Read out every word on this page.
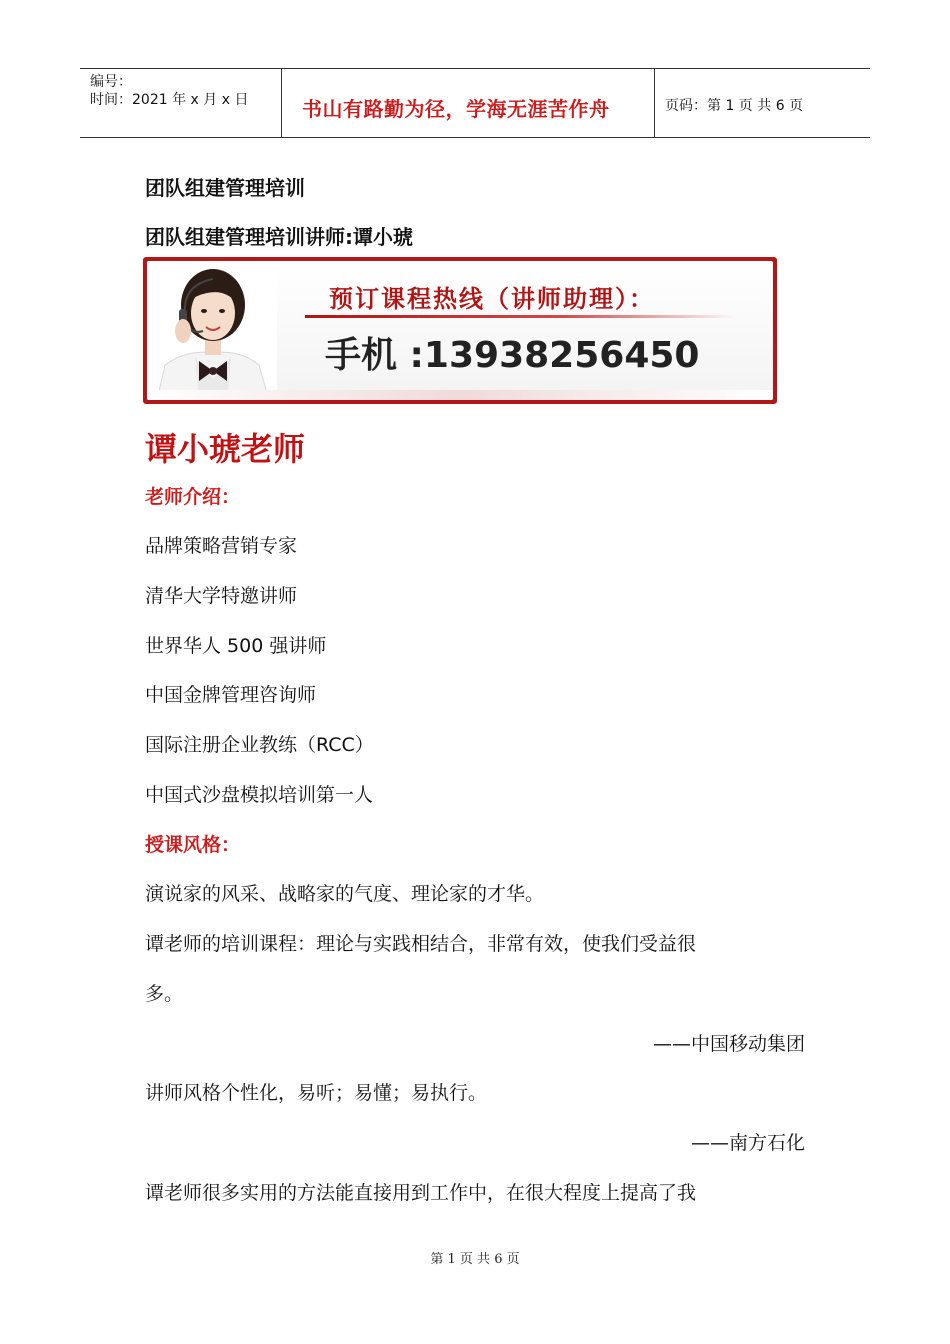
编号：
时间：2021 年 x 月 x 日	书山有路勤为径，学海无涯苦作舟	页码：第 1 页 共 6 页
团队组建管理培训
团队组建管理培训讲师:谭小琥
预订课程热线（讲师助理）：
手机 :13938256450
谭小琥老师
老师介绍：
品牌策略营销专家
清华大学特邀讲师
世界华人 500 强讲师
中国金牌管理咨询师
国际注册企业教练（RCC）
中国式沙盘模拟培训第一人
授课风格：
演说家的风采、战略家的气度、理论家的才华。
谭老师的培训课程：理论与实践相结合，非常有效，使我们受益很
多。
——中国移动集团
讲师风格个性化，易听；易懂；易执行。
——南方石化
谭老师很多实用的方法能直接用到工作中，在很大程度上提高了我
第 1 页 共 6 页
